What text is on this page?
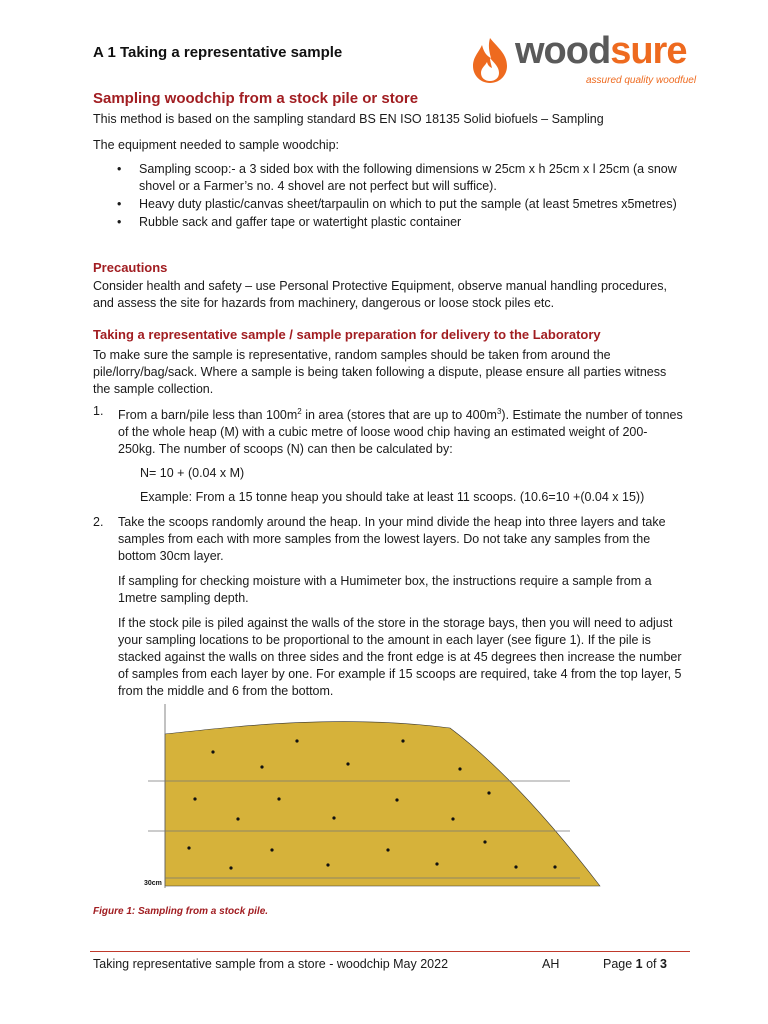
A 1 Taking a representative sample	woodsure
assured quality woodfuel
Sampling woodchip from a stock pile or store
This method is based on the sampling standard BS EN ISO 18135 Solid biofuels – Sampling
The equipment needed to sample woodchip:
• Sampling scoop:- a 3 sided box with the following dimensions w 25cm x h 25cm x l 25cm (a snow shovel or a Farmer’s no. 4 shovel are not perfect but will suffice).
• Heavy duty plastic/canvas sheet/tarpaulin on which to put the sample (at least 5metres x5metres)
• Rubble sack and gaffer tape or watertight plastic container
Precautions
Consider health and safety – use Personal Protective Equipment, observe manual handling procedures, and assess the site for hazards from machinery, dangerous or loose stock piles etc.
Taking a representative sample / sample preparation for delivery to the Laboratory
To make sure the sample is representative, random samples should be taken from around the pile/lorry/bag/sack. Where a sample is being taken following a dispute, please ensure all parties witness the sample collection.
1. From a barn/pile less than $100m^2$ in area (stores that are up to $400m^3$). Estimate the number of tonnes of the whole heap (M) with a cubic metre of loose wood chip having an estimated weight of 200-250kg. The number of scoops (N) can then be calculated by:

N= 10 + (0.04 x M)

Example: From a 15 tonne heap you should take at least 11 scoops. (10.6=10 +(0.04 x 15))

2. Take the scoops randomly around the heap. In your mind divide the heap into three layers and take samples from each with more samples from the lowest layers. Do not take any samples from the bottom 30cm layer.

If sampling for checking moisture with a Humimeter box, the instructions require a sample from a 1metre sampling depth.

If the stock pile is piled against the walls of the store in the storage bays, then you will need to adjust your sampling locations to be proportional to the amount in each layer (see figure 1). If the pile is stacked against the walls on three sides and the front edge is at 45 degrees then increase the number of samples from each layer by one. For example if 15 scoops are required, take 4 from the top layer, 5 from the middle and 6 from the bottom.

30cm
Figure 1: Sampling from a stock pile.
Taking representative sample from a store - woodchip May 2022	AH	Page 1 of 3
